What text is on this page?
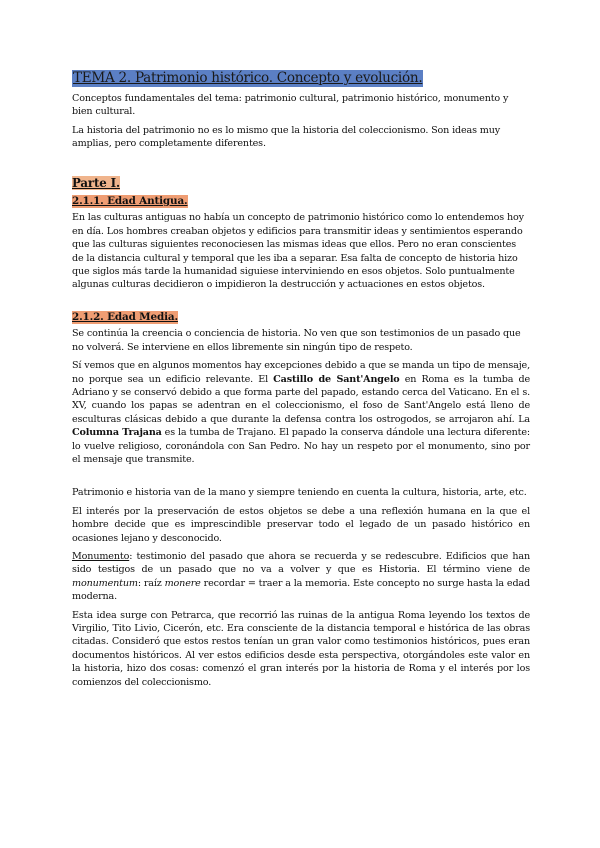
TEMA 2. Patrimonio histórico. Concepto y evolución.

Conceptos fundamentales del tema: patrimonio cultural, patrimonio histórico, monumento y bien cultural.

La historia del patrimonio no es lo mismo que la historia del coleccionismo. Son ideas muy amplias, pero completamente diferentes.

Parte I.
2.1.1. Edad Antigua.

En las culturas antiguas no había un concepto de patrimonio histórico como lo entendemos hoy en día. Los hombres creaban objetos y edificios para transmitir ideas y sentimientos esperando que las culturas siguientes reconociesen las mismas ideas que ellos. Pero no eran conscientes de la distancia cultural y temporal que les iba a separar. Esa falta de concepto de historia hizo que siglos más tarde la humanidad siguiese interviniendo en esos objetos. Solo puntualmente algunas culturas decidieron o impidieron la destrucción y actuaciones en estos objetos.

2.1.2. Edad Media.

Se continúa la creencia o conciencia de historia. No ven que son testimonios de un pasado que no volverá. Se interviene en ellos libremente sin ningún tipo de respeto.

Sí vemos que en algunos momentos hay excepciones debido a que se manda un tipo de mensaje, no porque sea un edificio relevante. El Castillo de Sant'Angelo en Roma es la tumba de Adriano y se conservó debido a que forma parte del papado, estando cerca del Vaticano. En el s. XV, cuando los papas se adentran en el coleccionismo, el foso de Sant'Angelo está lleno de esculturas clásicas debido a que durante la defensa contra los ostrogodos, se arrojaron ahí. La Columna Trajana es la tumba de Trajano. El papado la conserva dándole una lectura diferente: lo vuelve religioso, coronándola con San Pedro. No hay un respeto por el monumento, sino por el mensaje que transmite.

Patrimonio e historia van de la mano y siempre teniendo en cuenta la cultura, historia, arte, etc.

El interés por la preservación de estos objetos se debe a una reflexión humana en la que el hombre decide que es imprescindible preservar todo el legado de un pasado histórico en ocasiones lejano y desconocido.

Monumento: testimonio del pasado que ahora se recuerda y se redescubre. Edificios que han sido testigos de un pasado que no va a volver y que es Historia. El término viene de monumentum: raíz monere recordar = traer a la memoria. Este concepto no surge hasta la edad moderna.

Esta idea surge con Petrarca, que recorrió las ruinas de la antigua Roma leyendo los textos de Virgilio, Tito Livio, Cicerón, etc. Era consciente de la distancia temporal e histórica de las obras citadas. Consideró que estos restos tenían un gran valor como testimonios históricos, pues eran documentos históricos. Al ver estos edificios desde esta perspectiva, otorgándoles este valor en la historia, hizo dos cosas: comenzó el gran interés por la historia de Roma y el interés por los comienzos del coleccionismo.
